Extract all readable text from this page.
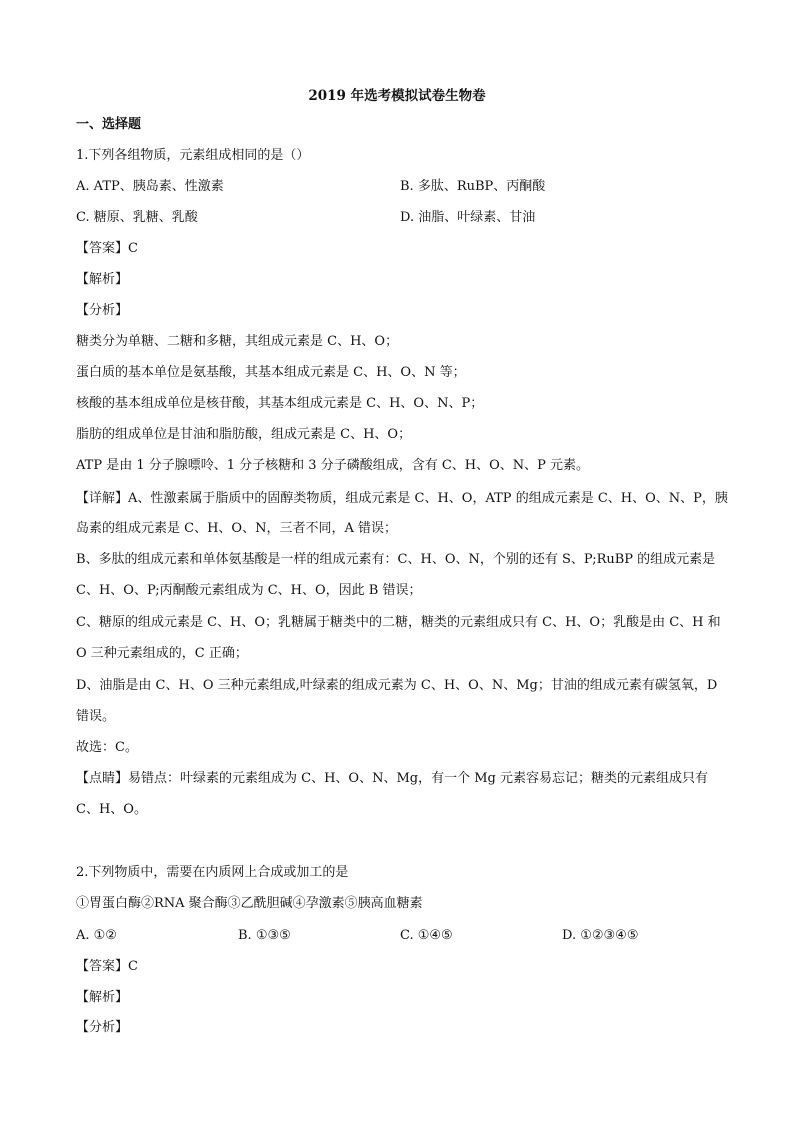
2019 年选考模拟试卷生物卷
一、选择题
1.下列各组物质，元素组成相同的是（）
A. ATP、胰岛素、性激素	B. 多肽、RuBP、丙酮酸
C. 糖原、乳糖、乳酸	D. 油脂、叶绿素、甘油
【答案】C
【解析】
【分析】
糖类分为单糖、二糖和多糖，其组成元素是 C、H、O；
蛋白质的基本单位是氨基酸，其基本组成元素是 C、H、O、N 等；
核酸的基本组成单位是核苷酸，其基本组成元素是 C、H、O、N、P；
脂肪的组成单位是甘油和脂肪酸，组成元素是 C、H、O；
ATP 是由 1 分子腺嘌呤、1 分子核糖和 3 分子磷酸组成，含有 C、H、O、N、P 元素。
【详解】A、性激素属于脂质中的固醇类物质，组成元素是 C、H、O，ATP 的组成元素是 C、H、O、N、P，胰
岛素的组成元素是 C、H、O、N，三者不同，A 错误；
B、多肽的组成元素和单体氨基酸是一样的组成元素有：C、H、O、N，个别的还有 S、P;RuBP 的组成元素是
C、H、O、P;丙酮酸元素组成为 C、H、O，因此 B 错误；
C、糖原的组成元素是 C、H、O；乳糖属于糖类中的二糖，糖类的元素组成只有 C、H、O；乳酸是由 C、H 和
O 三种元素组成的，C 正确；
D、油脂是由 C、H、O 三种元素组成,叶绿素的组成元素为 C、H、O、N、Mg；甘油的组成元素有碳氢氧，D
错误。
故选：C。
【点睛】易错点：叶绿素的元素组成为 C、H、O、N、Mg，有一个 Mg 元素容易忘记；糖类的元素组成只有
C、H、O。
2.下列物质中，需要在内质网上合成或加工的是
①胃蛋白酶②RNA 聚合酶③乙酰胆碱④孕激素⑤胰高血糖素
A. ①②	B. ①③⑤	C. ①④⑤	D. ①②③④⑤
【答案】C
【解析】
【分析】
